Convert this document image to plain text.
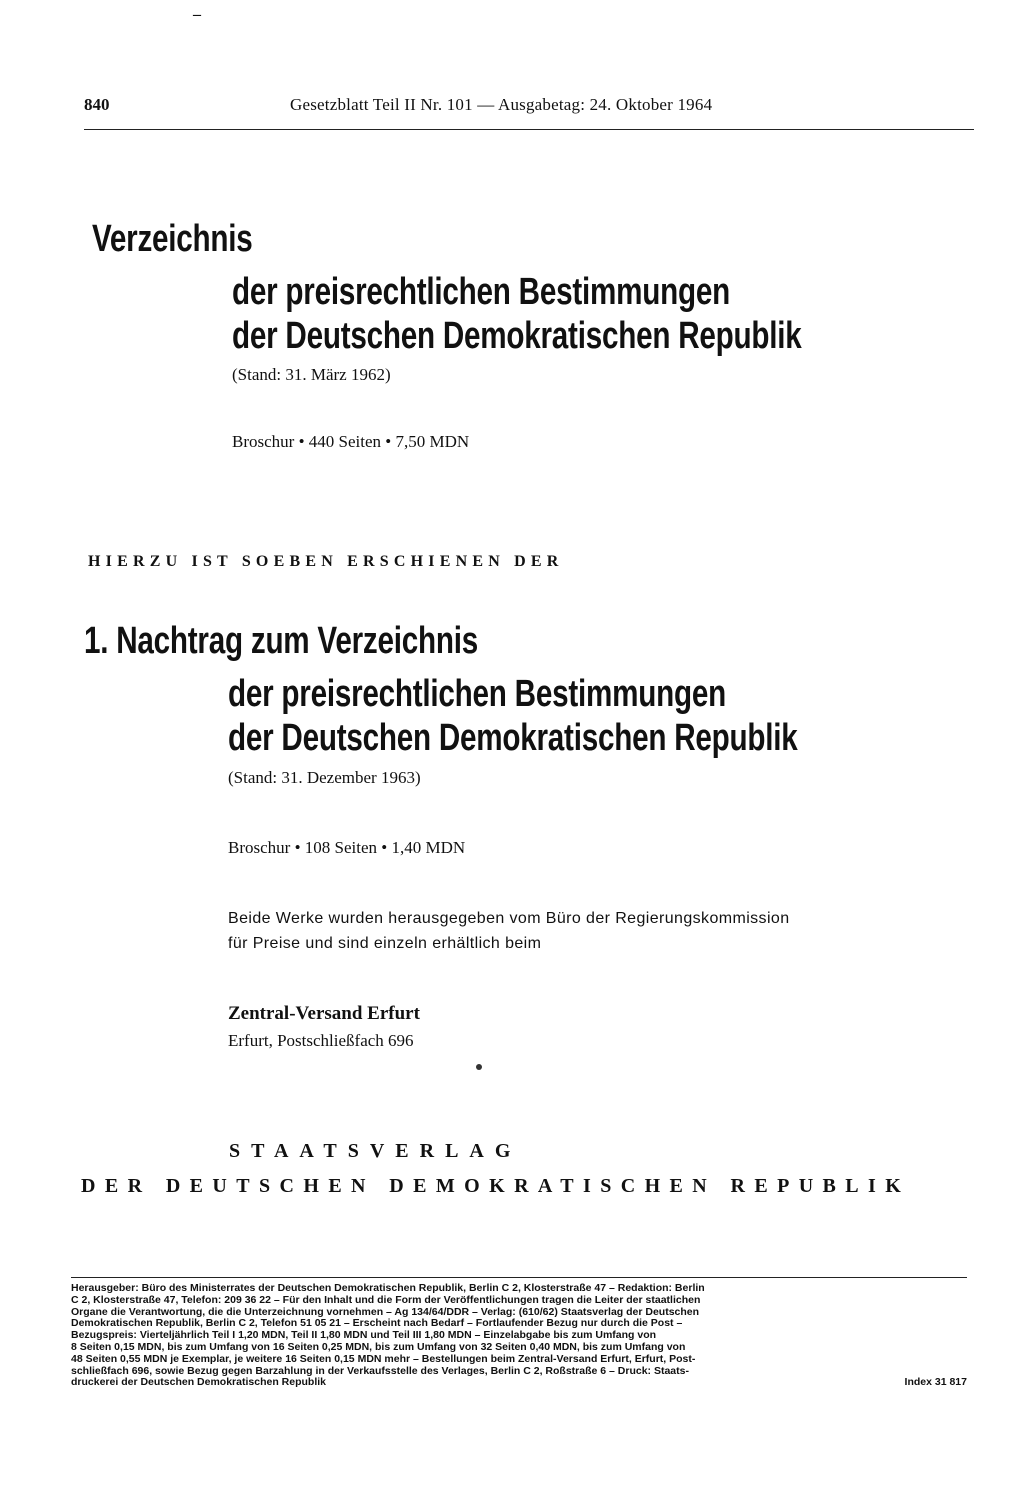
–
840	Gesetzblatt Teil II Nr. 101 — Ausgabetag: 24. Oktober 1964
Verzeichnis
der preisrechtlichen Bestimmungen
der Deutschen Demokratischen Republik
(Stand: 31. März 1962)
Broschur • 440 Seiten • 7,50 MDN
HIERZU IST SOEBEN ERSCHIENEN DER
1. Nachtrag zum Verzeichnis
der preisrechtlichen Bestimmungen
der Deutschen Demokratischen Republik
(Stand: 31. Dezember 1963)
Broschur • 108 Seiten • 1,40 MDN
Beide Werke wurden herausgegeben vom Büro der Regierungskommission
für Preise und sind einzeln erhältlich beim
Zentral-Versand Erfurt
Erfurt, Postschließfach 696
STAATSVERLAG
DER DEUTSCHEN DEMOKRATISCHEN REPUBLIK
Herausgeber: Büro des Ministerrates der Deutschen Demokratischen Republik, Berlin C 2, Klosterstraße 47 – Redaktion: Berlin
C 2, Klosterstraße 47, Telefon: 209 36 22 – Für den Inhalt und die Form der Veröffentlichungen tragen die Leiter der staatlichen
Organe die Verantwortung, die die Unterzeichnung vornehmen – Ag 134/64/DDR – Verlag: (610/62) Staatsverlag der Deutschen
Demokratischen Republik, Berlin C 2, Telefon 51 05 21 – Erscheint nach Bedarf – Fortlaufender Bezug nur durch die Post –
Bezugspreis: Vierteljährlich Teil I 1,20 MDN, Teil II 1,80 MDN und Teil III 1,80 MDN – Einzelabgabe bis zum Umfang von
8 Seiten 0,15 MDN, bis zum Umfang von 16 Seiten 0,25 MDN, bis zum Umfang von 32 Seiten 0,40 MDN, bis zum Umfang von
48 Seiten 0,55 MDN je Exemplar, je weitere 16 Seiten 0,15 MDN mehr – Bestellungen beim Zentral-Versand Erfurt, Erfurt, Post-
schließfach 696, sowie Bezug gegen Barzahlung in der Verkaufsstelle des Verlages, Berlin C 2, Roßstraße 6 – Druck: Staats-
druckerei der Deutschen Demokratischen Republik	Index 31 817
